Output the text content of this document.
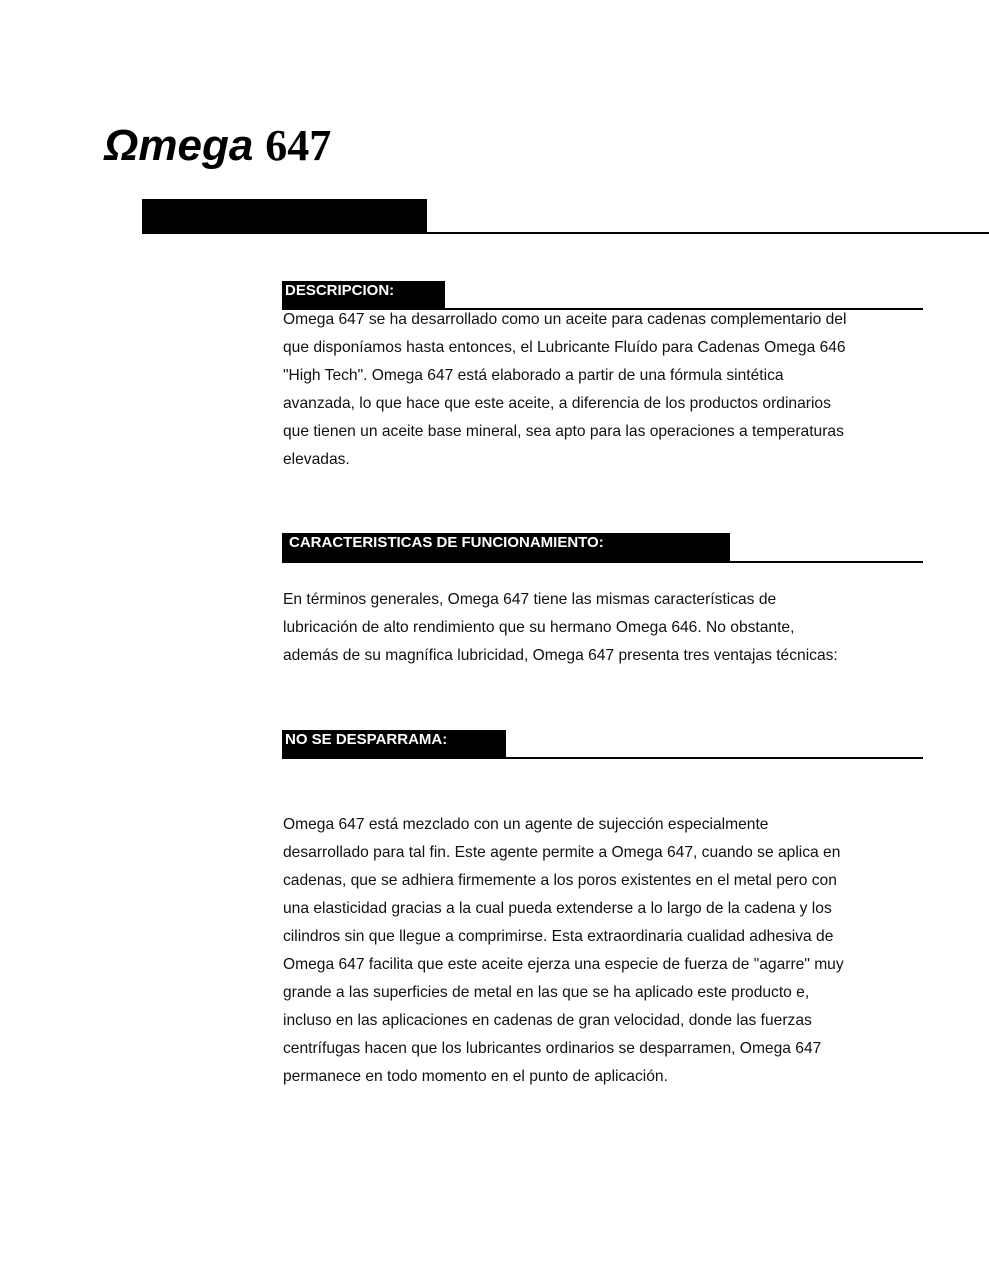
Ωmega 647
DESCRIPCION:

Omega 647 se ha desarrollado como un aceite para cadenas complementario del que disponíamos hasta entonces, el Lubricante Fluído para Cadenas Omega 646 "High Tech". Omega 647 está elaborado a partir de una fórmula sintética avanzada, lo que hace que este aceite, a diferencia de los productos ordinarios que tienen un aceite base mineral, sea apto para las operaciones a temperaturas elevadas.

CARACTERISTICAS DE FUNCIONAMIENTO:

En términos generales, Omega 647 tiene las mismas características de lubricación de alto rendimiento que su hermano Omega 646. No obstante, además de su magnífica lubricidad, Omega 647 presenta tres ventajas técnicas:

NO SE DESPARRAMA:

Omega 647 está mezclado con un agente de sujección especialmente desarrollado para tal fin. Este agente permite a Omega 647, cuando se aplica en cadenas, que se adhiera firmemente a los poros existentes en el metal pero con una elasticidad gracias a la cual pueda extenderse a lo largo de la cadena y los cilindros sin que llegue a comprimirse. Esta extraordinaria cualidad adhesiva de Omega 647 facilita que este aceite ejerza una especie de fuerza de "agarre" muy grande a las superficies de metal en las que se ha aplicado este producto e, incluso en las aplicaciones en cadenas de gran velocidad, donde las fuerzas centrífugas hacen que los lubricantes ordinarios se desparramen, Omega 647 permanece en todo momento en el punto de aplicación.
